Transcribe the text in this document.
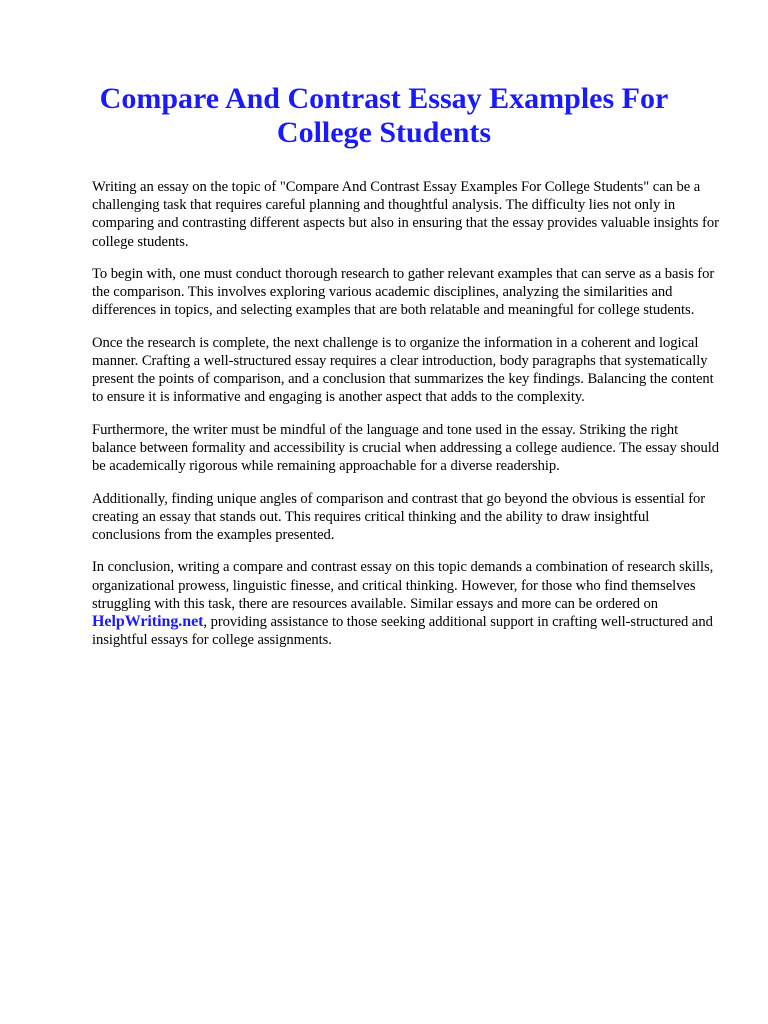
Compare And Contrast Essay Examples For College Students

Writing an essay on the topic of "Compare And Contrast Essay Examples For College Students" can be a challenging task that requires careful planning and thoughtful analysis. The difficulty lies not only in comparing and contrasting different aspects but also in ensuring that the essay provides valuable insights for college students.

To begin with, one must conduct thorough research to gather relevant examples that can serve as a basis for the comparison. This involves exploring various academic disciplines, analyzing the similarities and differences in topics, and selecting examples that are both relatable and meaningful for college students.

Once the research is complete, the next challenge is to organize the information in a coherent and logical manner. Crafting a well-structured essay requires a clear introduction, body paragraphs that systematically present the points of comparison, and a conclusion that summarizes the key findings. Balancing the content to ensure it is informative and engaging is another aspect that adds to the complexity.

Furthermore, the writer must be mindful of the language and tone used in the essay. Striking the right balance between formality and accessibility is crucial when addressing a college audience. The essay should be academically rigorous while remaining approachable for a diverse readership.

Additionally, finding unique angles of comparison and contrast that go beyond the obvious is essential for creating an essay that stands out. This requires critical thinking and the ability to draw insightful conclusions from the examples presented.

In conclusion, writing a compare and contrast essay on this topic demands a combination of research skills, organizational prowess, linguistic finesse, and critical thinking. However, for those who find themselves struggling with this task, there are resources available. Similar essays and more can be ordered on HelpWriting.net, providing assistance to those seeking additional support in crafting well-structured and insightful essays for college assignments.
